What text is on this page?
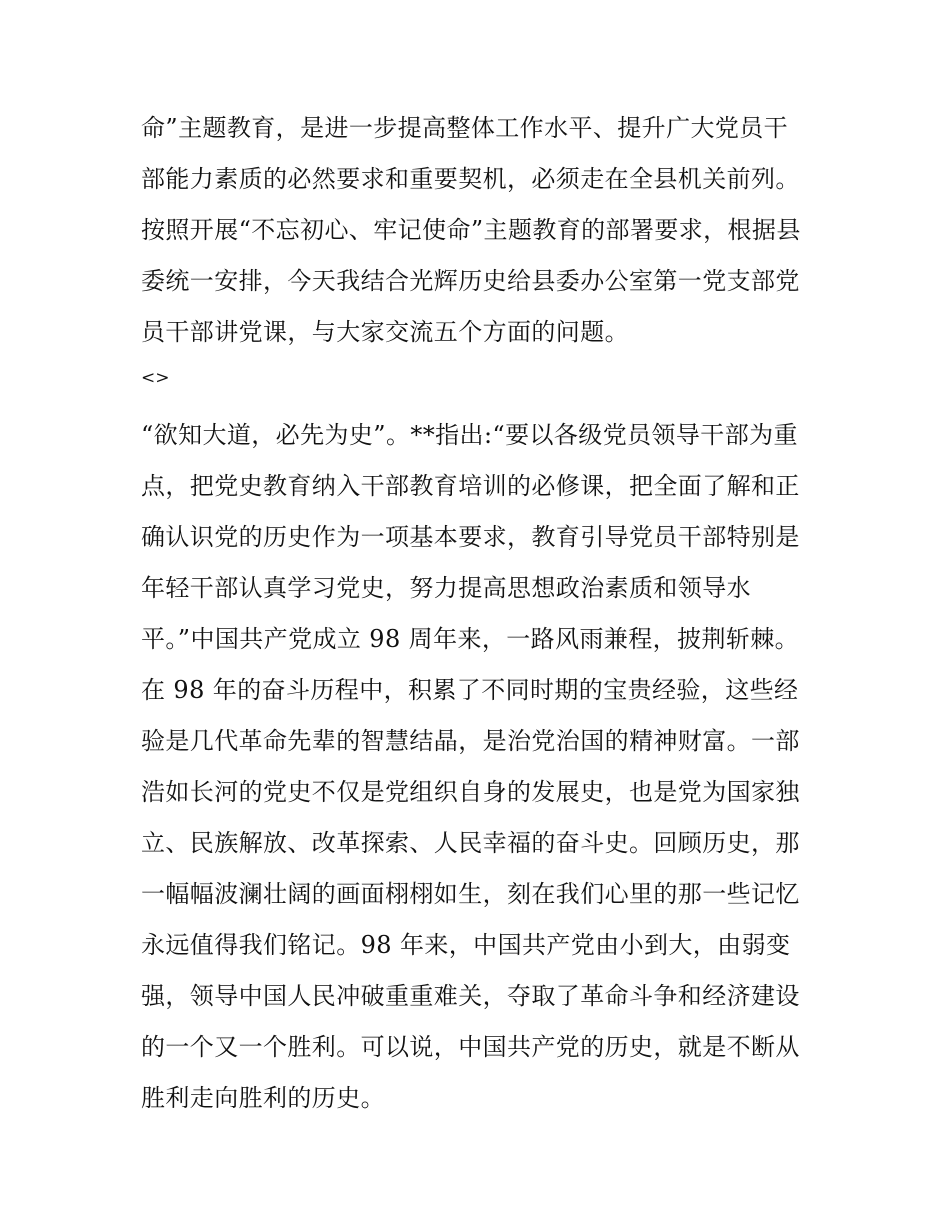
命”主题教育，是进一步提高整体工作水平、提升广大党员干
部能力素质的必然要求和重要契机，必须走在全县机关前列。
按照开展“不忘初心、牢记使命”主题教育的部署要求，根据县
委统一安排，今天我结合光辉历史给县委办公室第一党支部党
员干部讲党课，与大家交流五个方面的问题。
<>
“欲知大道，必先为史”。**指出:“要以各级党员领导干部为重
点，把党史教育纳入干部教育培训的必修课，把全面了解和正
确认识党的历史作为一项基本要求，教育引导党员干部特别是
年轻干部认真学习党史，努力提高思想政治素质和领导水
平。”中国共产党成立 98 周年来，一路风雨兼程，披荆斩棘。
在 98 年的奋斗历程中，积累了不同时期的宝贵经验，这些经
验是几代革命先辈的智慧结晶，是治党治国的精神财富。一部
浩如长河的党史不仅是党组织自身的发展史，也是党为国家独
立、民族解放、改革探索、人民幸福的奋斗史。回顾历史，那
一幅幅波澜壮阔的画面栩栩如生，刻在我们心里的那一些记忆
永远值得我们铭记。98 年来，中国共产党由小到大，由弱变
强，领导中国人民冲破重重难关，夺取了革命斗争和经济建设
的一个又一个胜利。可以说，中国共产党的历史，就是不断从
胜利走向胜利的历史。
